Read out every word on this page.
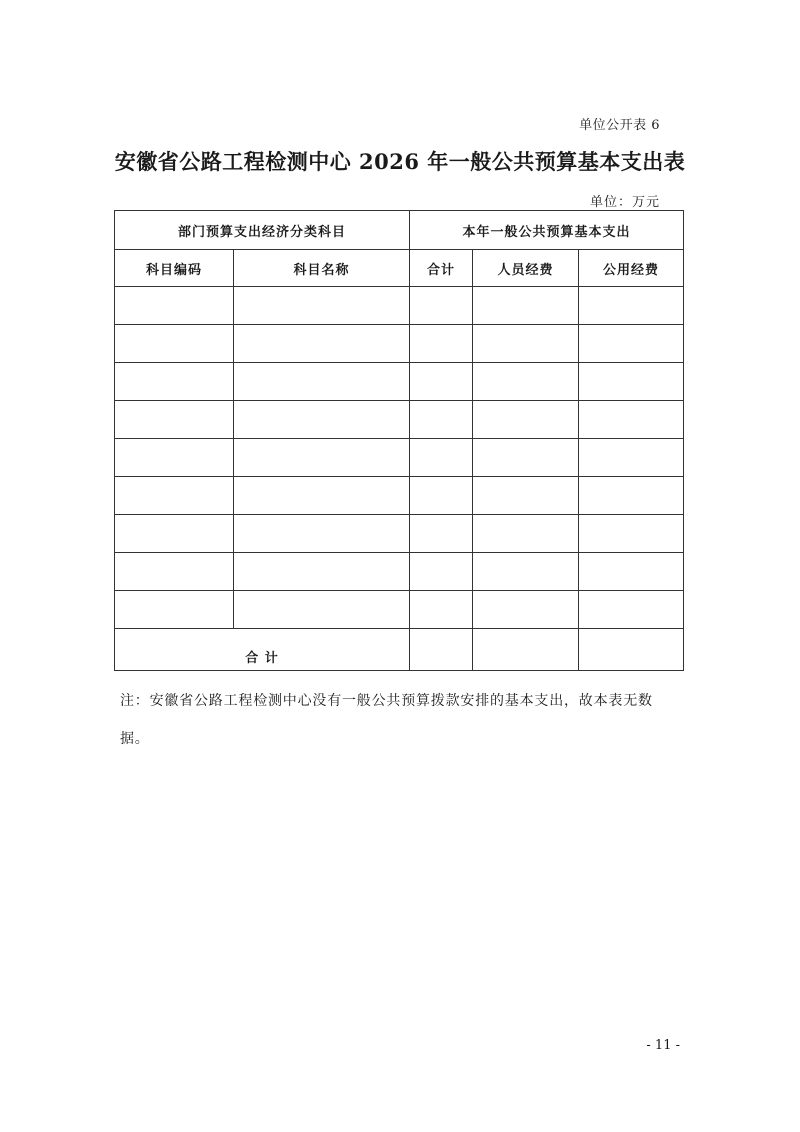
单位公开表 6
安徽省公路工程检测中心 2026 年一般公共预算基本支出表
单位：万元
部门预算支出经济分类科目		本年一般公共预算基本支出		
科目编码	科目名称	合计	人员经费	公用经费

合 计				
注：安徽省公路工程检测中心没有一般公共预算拨款安排的基本支出，故本表无数据。
- 11 -
